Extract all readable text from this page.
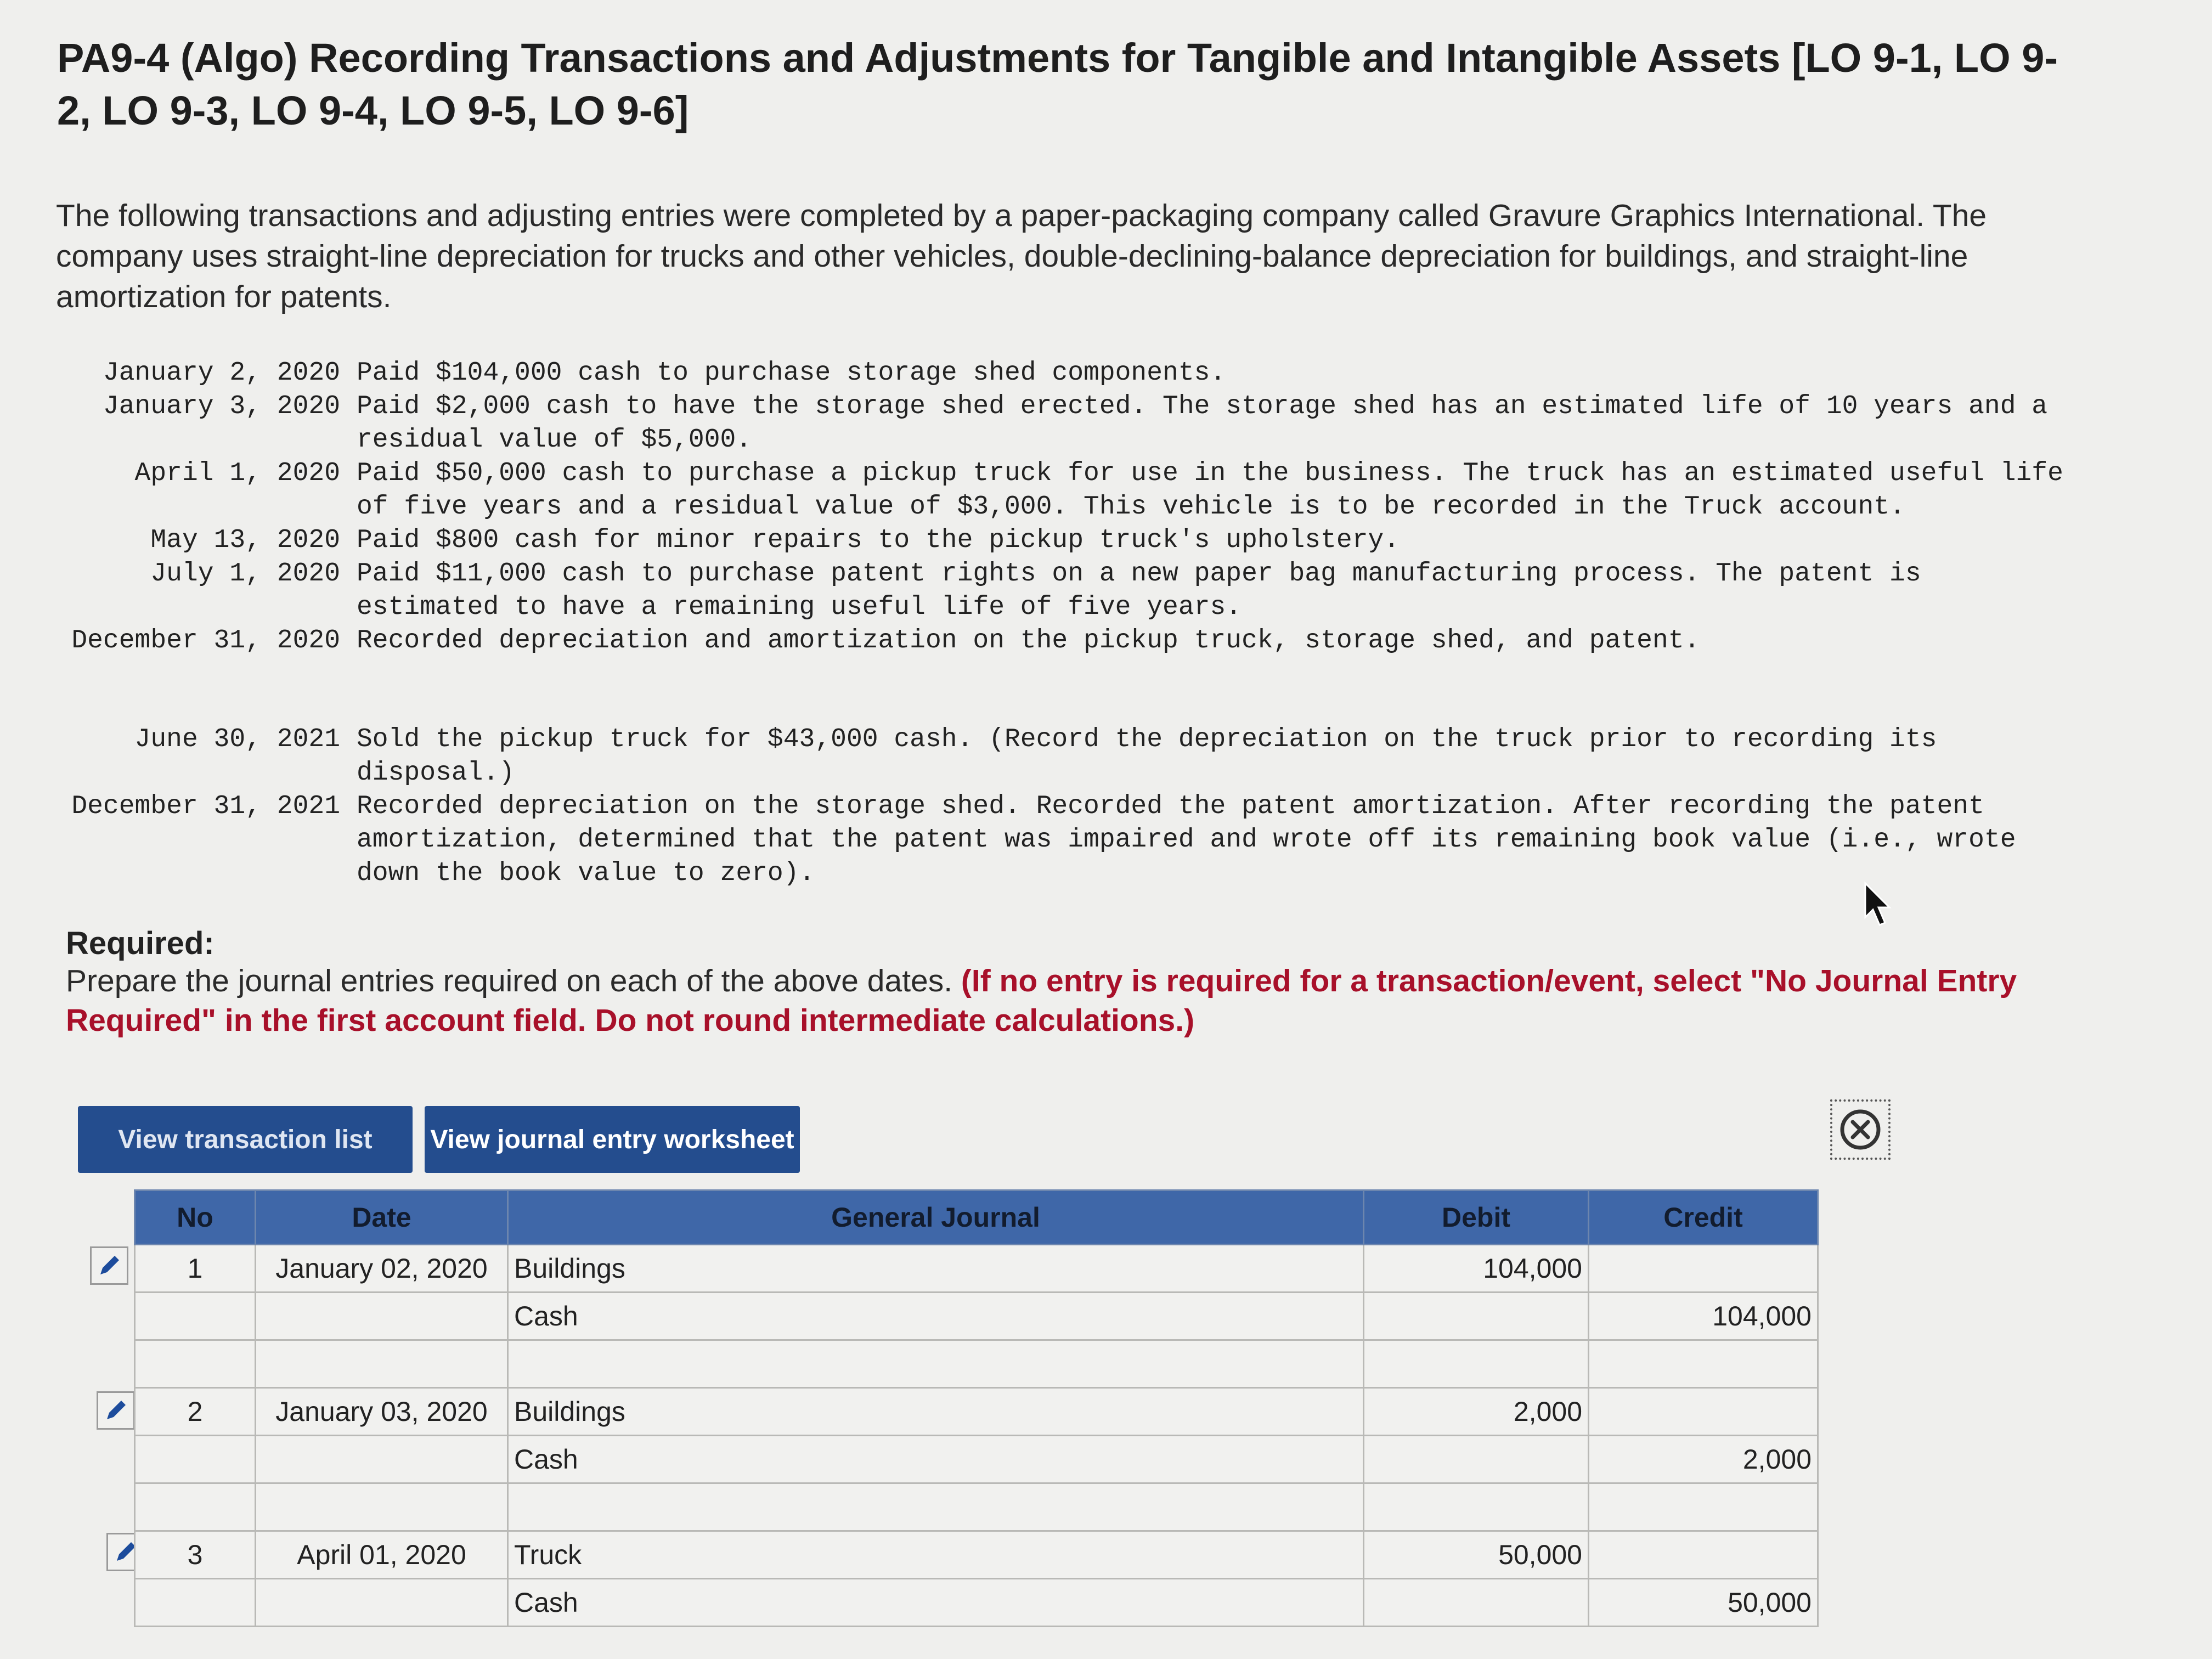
PA9-4 (Algo) Recording Transactions and Adjustments for Tangible and Intangible Assets [LO 9-1, LO 9-2, LO 9-3, LO 9-4, LO 9-5, LO 9-6]
The following transactions and adjusting entries were completed by a paper-packaging company called Gravure Graphics International. The company uses straight-line depreciation for trucks and other vehicles, double-declining-balance depreciation for buildings, and straight-line amortization for patents.
January 2, 2020 Paid $104,000 cash to purchase storage shed components.
January 3, 2020 Paid $2,000 cash to have the storage shed erected. The storage shed has an estimated life of 10 years and a residual value of $5,000.
April 1, 2020 Paid $50,000 cash to purchase a pickup truck for use in the business. The truck has an estimated useful life of five years and a residual value of $3,000. This vehicle is to be recorded in the Truck account.
May 13, 2020 Paid $800 cash for minor repairs to the pickup truck's upholstery.
July 1, 2020 Paid $11,000 cash to purchase patent rights on a new paper bag manufacturing process. The patent is estimated to have a remaining useful life of five years.
December 31, 2020 Recorded depreciation and amortization on the pickup truck, storage shed, and patent.
June 30, 2021 Sold the pickup truck for $43,000 cash. (Record the depreciation on the truck prior to recording its disposal.)
December 31, 2021 Recorded depreciation on the storage shed. Recorded the patent amortization. After recording the patent amortization, determined that the patent was impaired and wrote off its remaining book value (i.e., wrote down the book value to zero).
Required:
Prepare the journal entries required on each of the above dates. (If no entry is required for a transaction/event, select "No Journal Entry Required" in the first account field. Do not round intermediate calculations.)
View transaction list	View journal entry worksheet
No	Date	General Journal	Debit	Credit
1	January 02, 2020	Buildings	104,000	
		Cash		104,000

2	January 03, 2020	Buildings	2,000	
		Cash		2,000

3	April 01, 2020	Truck	50,000	
		Cash		50,000
